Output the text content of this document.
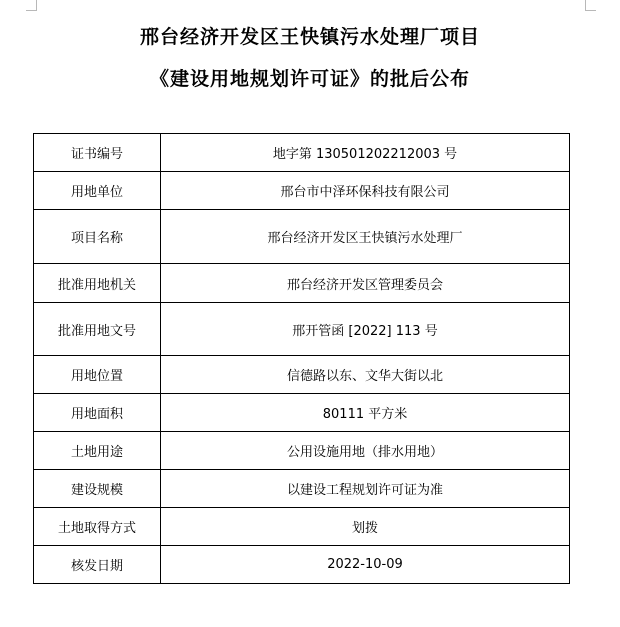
邢台经济开发区王快镇污水处理厂项目
《建设用地规划许可证》的批后公布
证书编号	地字第 130501202212003 号
用地单位	邢台市中泽环保科技有限公司
项目名称	邢台经济开发区王快镇污水处理厂
批准用地机关	邢台经济开发区管理委员会
批准用地文号	邢开管函 [2022] 113 号
用地位置	信德路以东、文华大街以北
用地面积	80111 平方米
土地用途	公用设施用地（排水用地）
建设规模	以建设工程规划许可证为准
土地取得方式	划拨
核发日期	2022-10-09
